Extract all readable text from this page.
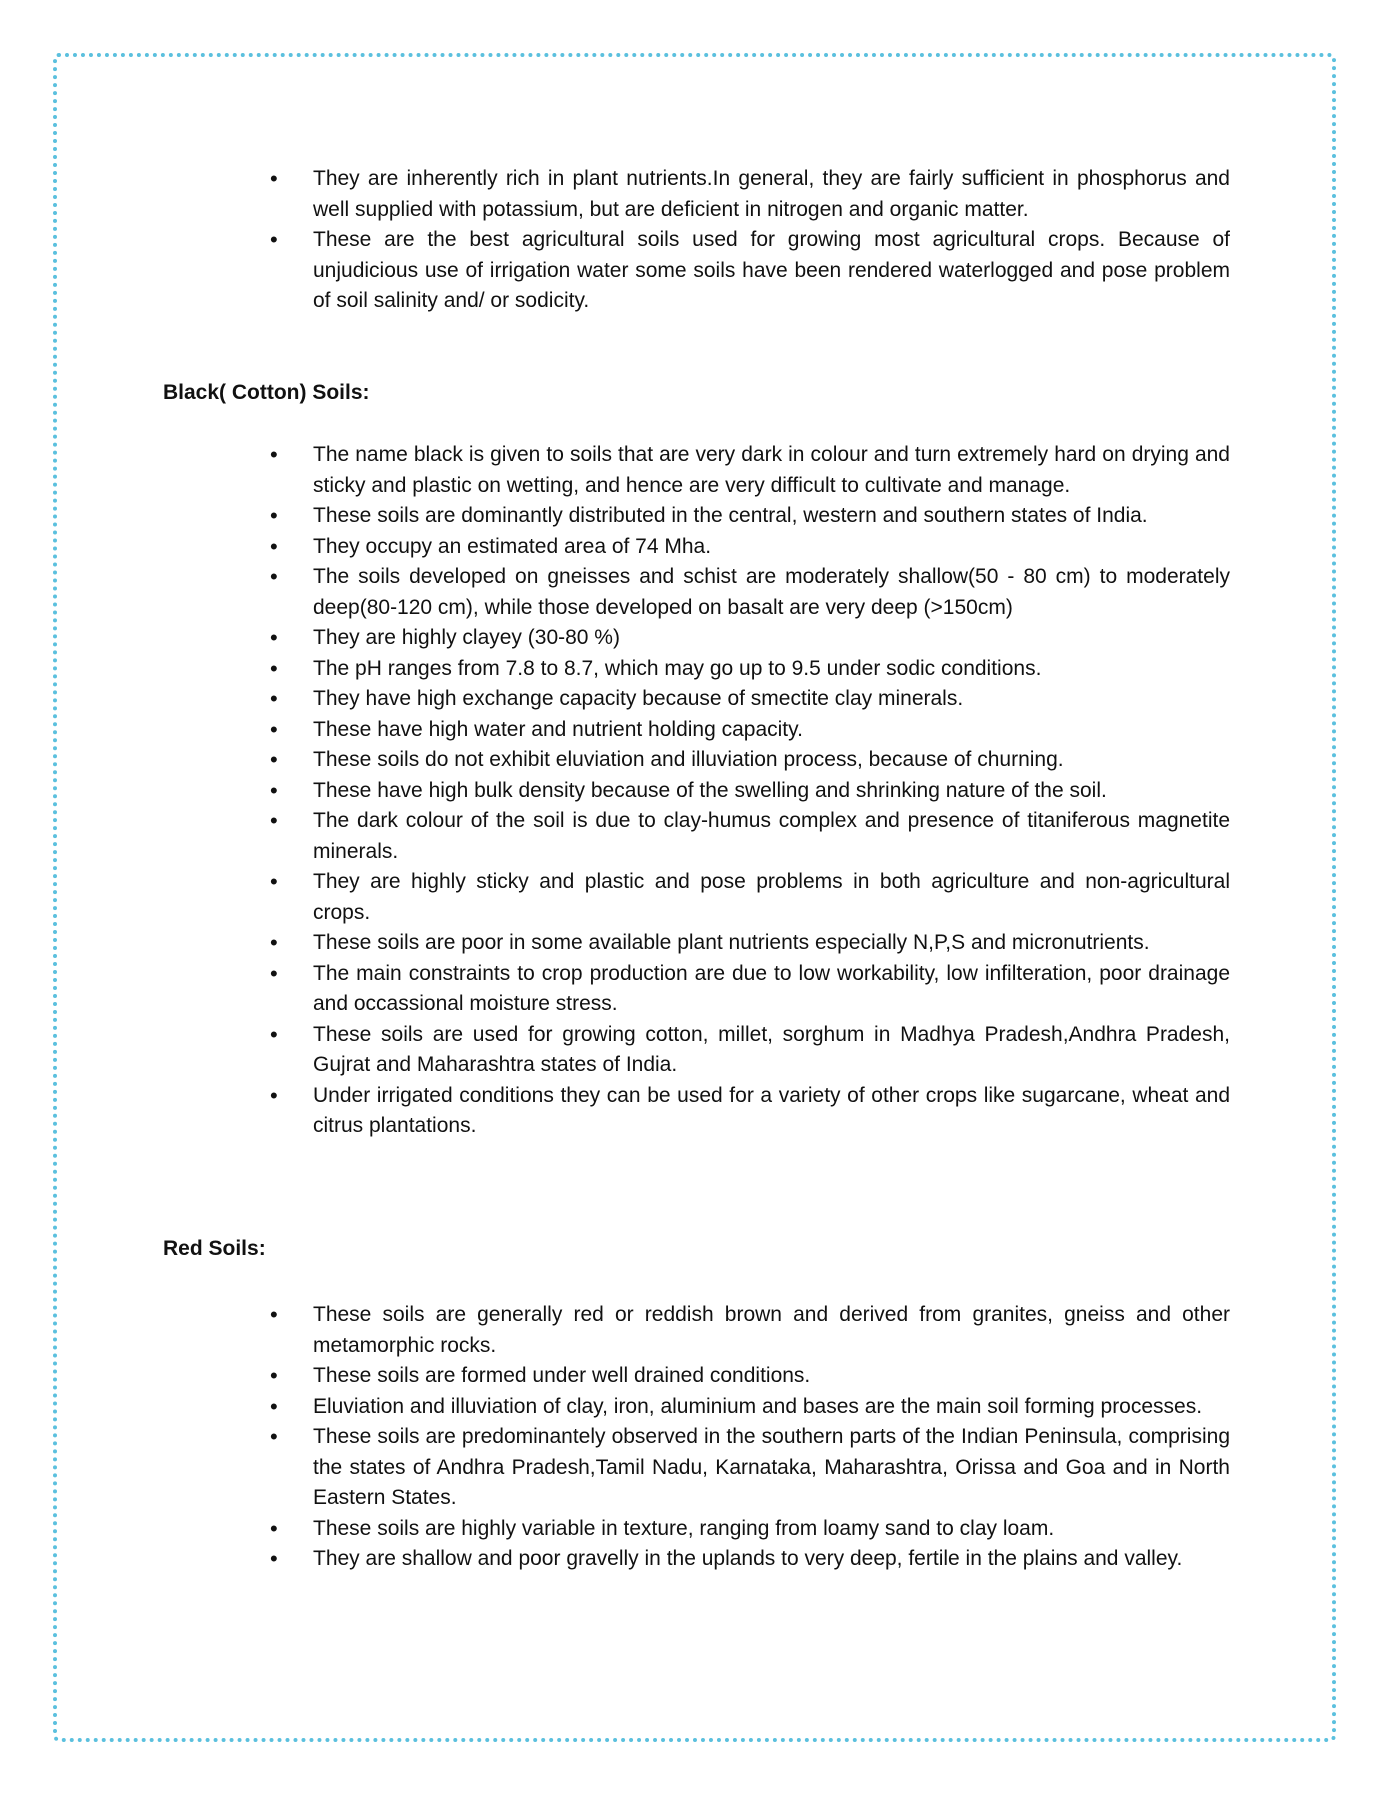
• They are inherently rich in plant nutrients.In general, they are fairly sufficient in phosphorus and well supplied with potassium, but are deficient in nitrogen and organic matter.
• These are the best agricultural soils used for growing most agricultural crops. Because of unjudicious use of irrigation water some soils have been rendered waterlogged and pose problem of soil salinity and/ or sodicity.
Black( Cotton) Soils:
• The name black is given to soils that are very dark in colour and turn extremely hard on drying and sticky and plastic on wetting, and hence are very difficult to cultivate and manage.
• These soils are dominantly distributed in the central, western and southern states of India.
• They occupy an estimated area of 74 Mha.
• The soils developed on gneisses and schist are moderately shallow(50 - 80 cm) to moderately deep(80-120 cm), while those developed on basalt are very deep (>150cm)
• They are highly clayey (30-80 %)
• The pH ranges from 7.8 to 8.7, which may go up to 9.5 under sodic conditions.
• They have high exchange capacity because of smectite clay minerals.
• These have high water and nutrient holding capacity.
• These soils do not exhibit eluviation and illuviation process, because of churning.
• These have high bulk density because of the swelling and shrinking nature of the soil.
• The dark colour of the soil is due to clay-humus complex and presence of titaniferous magnetite minerals.
• They are highly sticky and plastic and pose problems in both agriculture and non-agricultural crops.
• These soils are poor in some available plant nutrients especially N,P,S and micronutrients.
• The main constraints to crop production are due to low workability, low infilteration, poor drainage and occassional moisture stress.
• These soils are used for growing cotton, millet, sorghum in Madhya Pradesh,Andhra Pradesh, Gujrat and Maharashtra states of India.
• Under irrigated conditions they can be used for a variety of other crops like sugarcane, wheat and citrus plantations.
Red Soils:
• These soils are generally red or reddish brown and derived from granites, gneiss and other metamorphic rocks.
• These soils are formed under well drained conditions.
• Eluviation and illuviation of clay, iron, aluminium and bases are the main soil forming processes.
• These soils are predominantely observed in the southern parts of the Indian Peninsula, comprising the states of Andhra Pradesh,Tamil Nadu, Karnataka, Maharashtra, Orissa and Goa and in North Eastern States.
• These soils are highly variable in texture, ranging from loamy sand to clay loam.
• They are shallow and poor gravelly in the uplands to very deep, fertile in the plains and valley.
